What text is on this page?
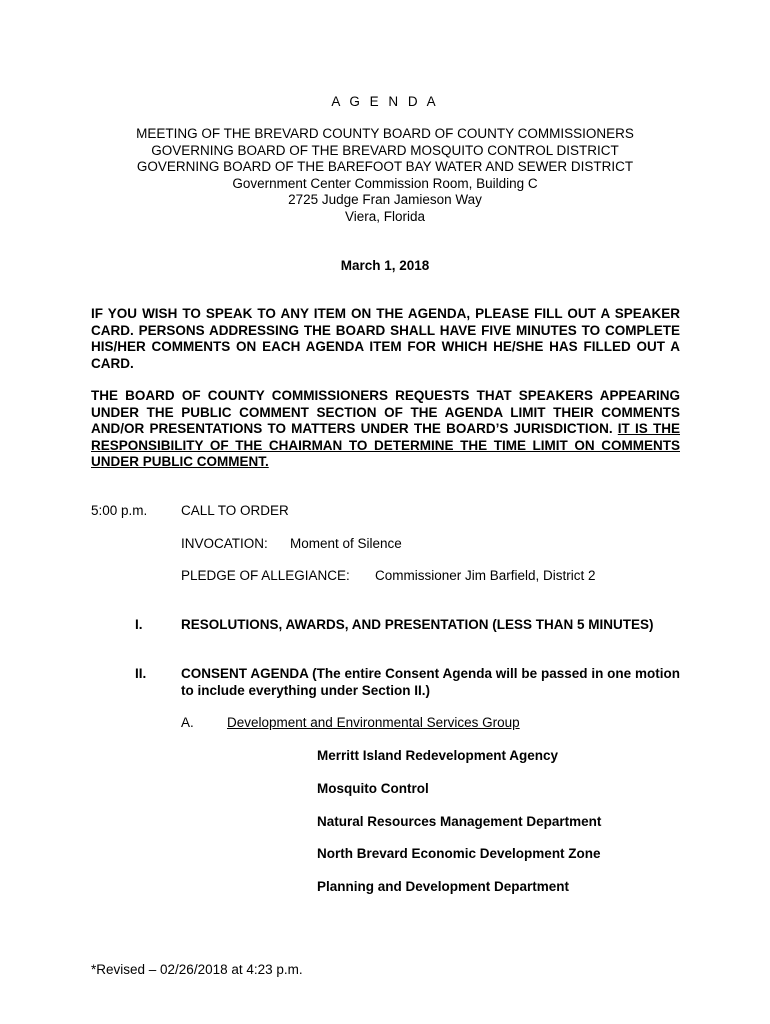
A G E N D A
MEETING OF THE BREVARD COUNTY BOARD OF COUNTY COMMISSIONERS
GOVERNING BOARD OF THE BREVARD MOSQUITO CONTROL DISTRICT
GOVERNING BOARD OF THE BAREFOOT BAY WATER AND SEWER DISTRICT
Government Center Commission Room, Building C
2725 Judge Fran Jamieson Way
Viera, Florida
March 1, 2018
IF YOU WISH TO SPEAK TO ANY ITEM ON THE AGENDA, PLEASE FILL OUT A SPEAKER CARD. PERSONS ADDRESSING THE BOARD SHALL HAVE FIVE MINUTES TO COMPLETE HIS/HER COMMENTS ON EACH AGENDA ITEM FOR WHICH HE/SHE HAS FILLED OUT A CARD.
THE BOARD OF COUNTY COMMISSIONERS REQUESTS THAT SPEAKERS APPEARING UNDER THE PUBLIC COMMENT SECTION OF THE AGENDA LIMIT THEIR COMMENTS AND/OR PRESENTATIONS TO MATTERS UNDER THE BOARD’S JURISDICTION. IT IS THE RESPONSIBILITY OF THE CHAIRMAN TO DETERMINE THE TIME LIMIT ON COMMENTS UNDER PUBLIC COMMENT.
5:00 p.m. CALL TO ORDER
INVOCATION: Moment of Silence
PLEDGE OF ALLEGIANCE: Commissioner Jim Barfield, District 2
I.	RESOLUTIONS, AWARDS, AND PRESENTATION (LESS THAN 5 MINUTES)
II.	CONSENT AGENDA (The entire Consent Agenda will be passed in one motion to include everything under Section II.)
A. Development and Environmental Services Group
Merritt Island Redevelopment Agency
Mosquito Control
Natural Resources Management Department
North Brevard Economic Development Zone
Planning and Development Department
*Revised – 02/26/2018 at 4:23 p.m.
